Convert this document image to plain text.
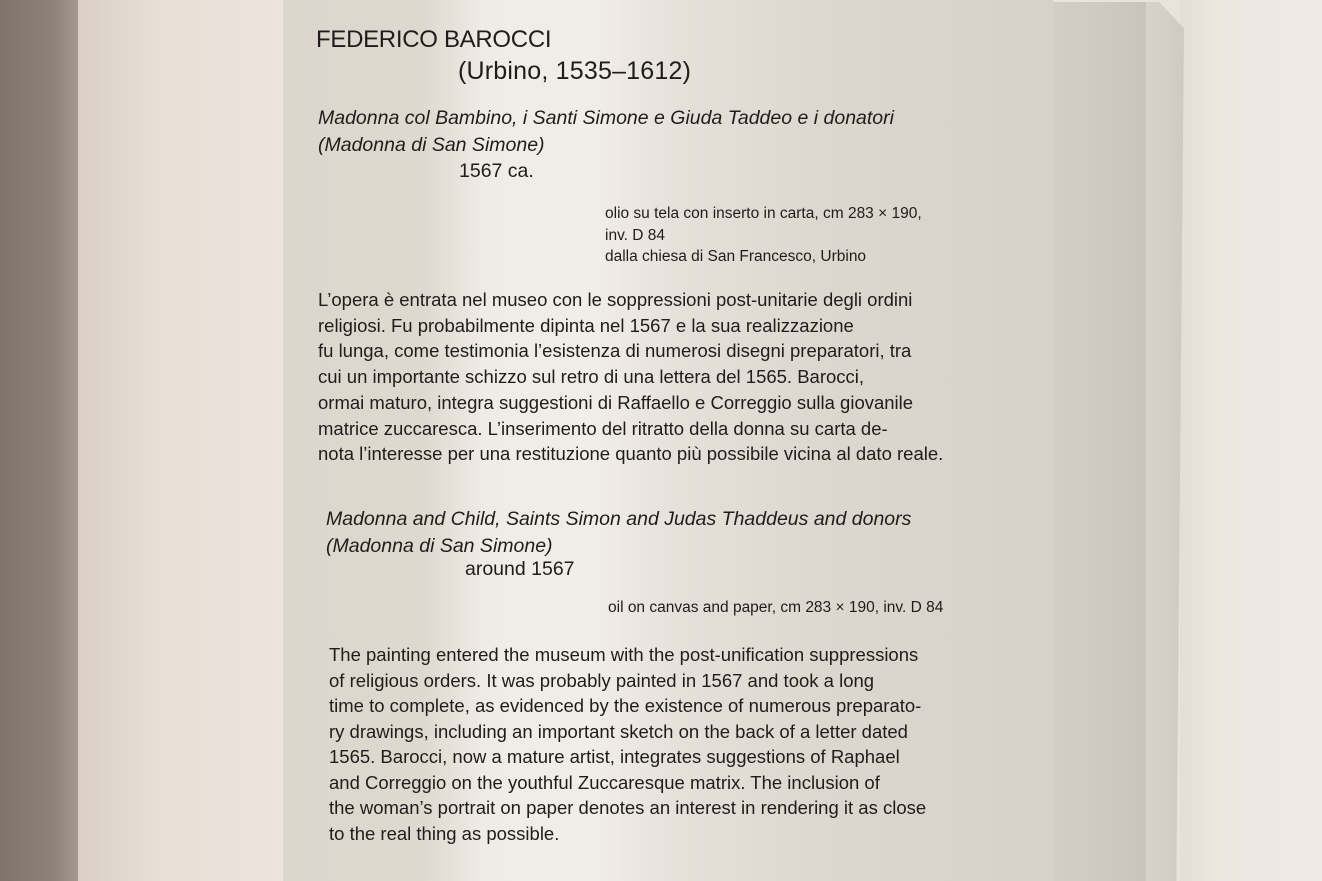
FEDERICO BAROCCI
(Urbino, 1535–1612)
Madonna col Bambino, i Santi Simone e Giuda Taddeo e i donatori
(Madonna di San Simone)
1567 ca.
olio su tela con inserto in carta, cm 283 × 190,
inv. D 84
dalla chiesa di San Francesco, Urbino
L’opera è entrata nel museo con le soppressioni post-unitarie degli ordini
religiosi. Fu probabilmente dipinta nel 1567 e la sua realizzazione
fu lunga, come testimonia l’esistenza di numerosi disegni preparatori, tra
cui un importante schizzo sul retro di una lettera del 1565. Barocci,
ormai maturo, integra suggestioni di Raffaello e Correggio sulla giovanile
matrice zuccaresca. L’inserimento del ritratto della donna su carta de-
nota l’interesse per una restituzione quanto più possibile vicina al dato reale.
Madonna and Child, Saints Simon and Judas Thaddeus and donors
(Madonna di San Simone)
around 1567
oil on canvas and paper, cm 283 × 190, inv. D 84
The painting entered the museum with the post-unification suppressions
of religious orders. It was probably painted in 1567 and took a long
time to complete, as evidenced by the existence of numerous preparato-
ry drawings, including an important sketch on the back of a letter dated
1565. Barocci, now a mature artist, integrates suggestions of Raphael
and Correggio on the youthful Zuccaresque matrix. The inclusion of
the woman’s portrait on paper denotes an interest in rendering it as close
to the real thing as possible.
